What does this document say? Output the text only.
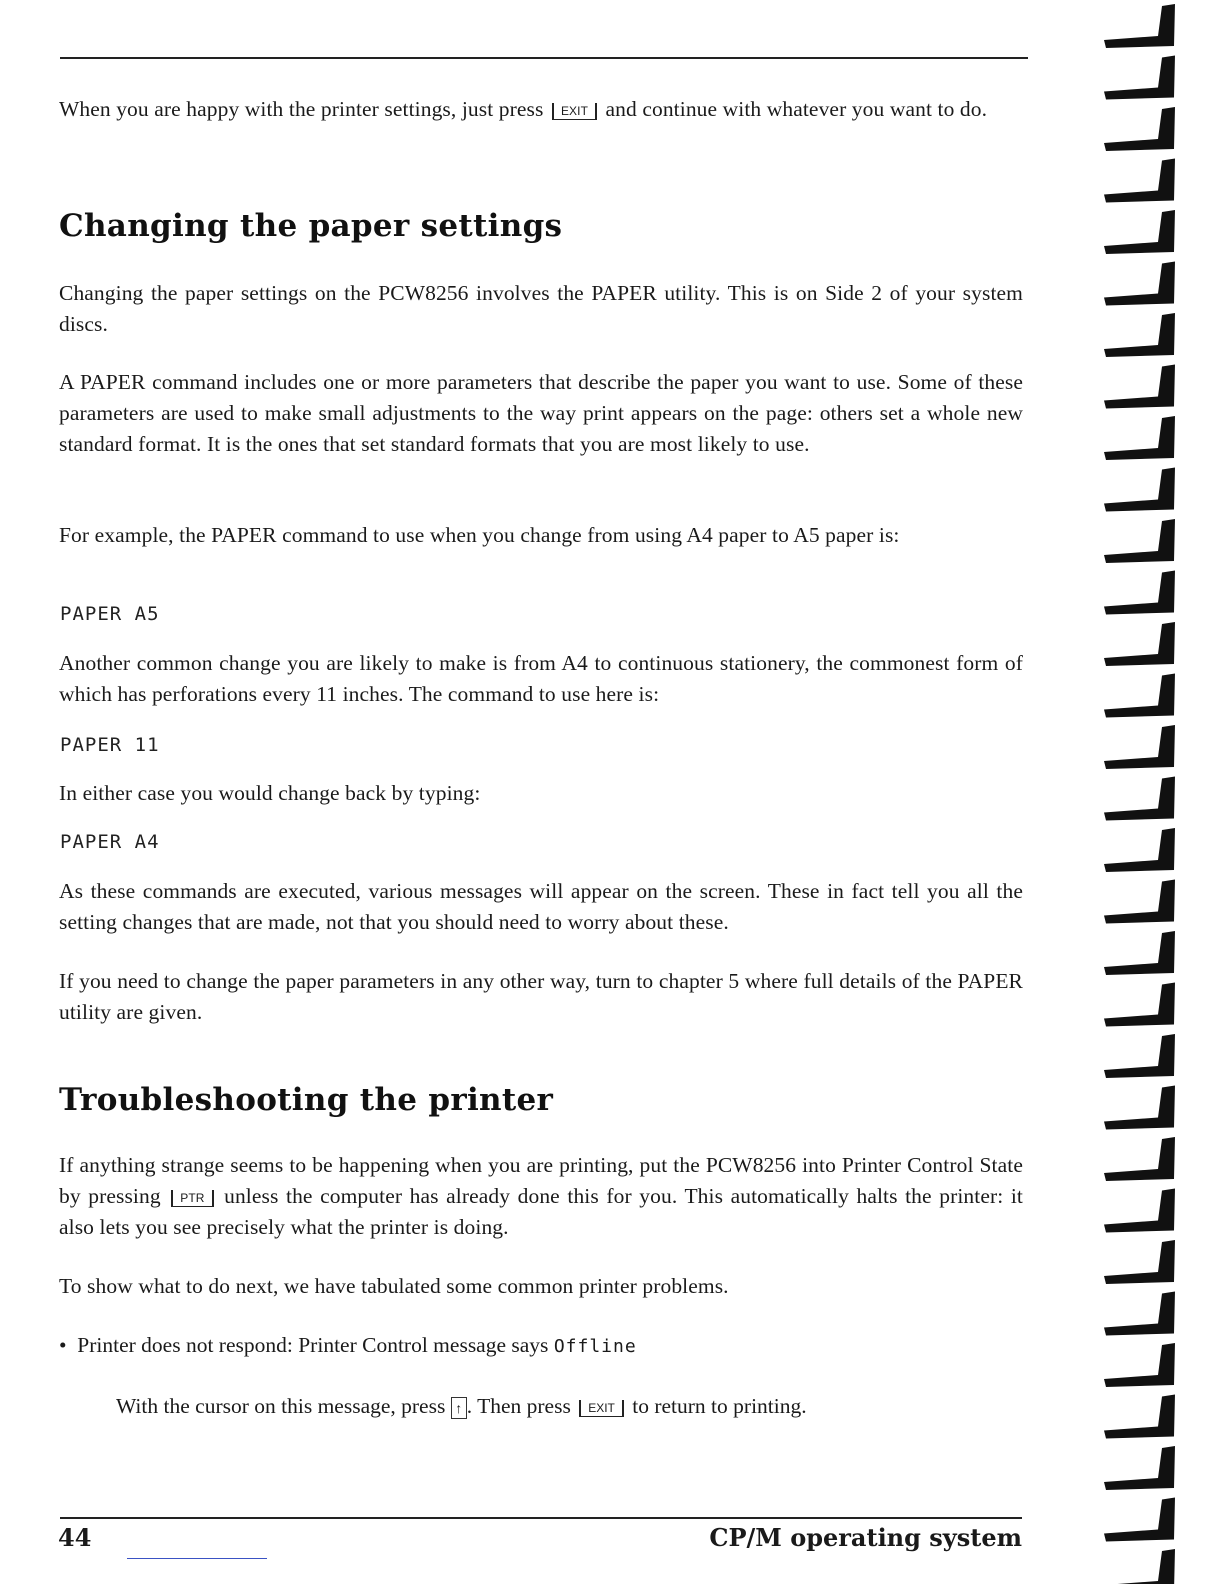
When you are happy with the printer settings, just press EXIT and continue with whatever you want to do.
Changing the paper settings
Changing the paper settings on the PCW8256 involves the PAPER utility. This is on Side 2 of your system discs.
A PAPER command includes one or more parameters that describe the paper you want to use. Some of these parameters are used to make small adjustments to the way print appears on the page: others set a whole new standard format. It is the ones that set standard formats that you are most likely to use.
For example, the PAPER command to use when you change from using A4 paper to A5 paper is:
PAPER A5
Another common change you are likely to make is from A4 to continuous stationery, the commonest form of which has perforations every 11 inches. The command to use here is:
PAPER 11
In either case you would change back by typing:
PAPER A4
As these commands are executed, various messages will appear on the screen. These in fact tell you all the setting changes that are made, not that you should need to worry about these.
If you need to change the paper parameters in any other way, turn to chapter 5 where full details of the PAPER utility are given.
Troubleshooting the printer
If anything strange seems to be happening when you are printing, put the PCW8256 into Printer Control State by pressing PTR unless the computer has already done this for you. This automatically halts the printer: it also lets you see precisely what the printer is doing.
To show what to do next, we have tabulated some common printer problems.
•  Printer does not respond: Printer Control message says Offline
With the cursor on this message, press ↑ . Then press EXIT to return to printing.
44	CP/M operating system
